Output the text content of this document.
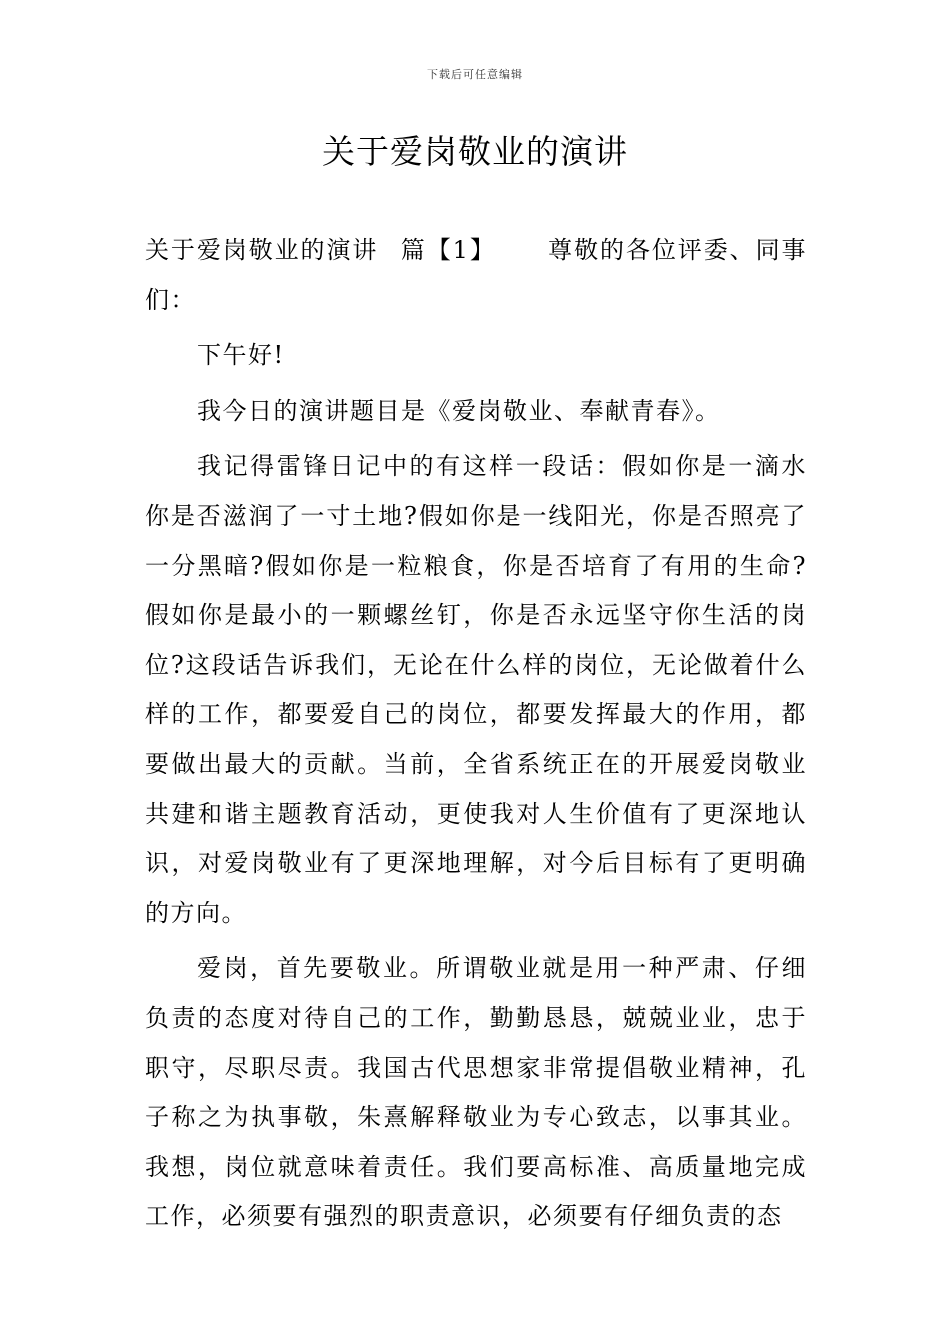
下载后可任意编辑
关于爱岗敬业的演讲

关于爱岗敬业的演讲 篇【1】 尊敬的各位评委、同事们：

下午好!

我今日的演讲题目是《爱岗敬业、奉献青春》。

我记得雷锋日记中的有这样一段话：假如你是一滴水你是否滋润了一寸土地?假如你是一线阳光，你是否照亮了一分黑暗?假如你是一粒粮食，你是否培育了有用的生命?假如你是最小的一颗螺丝钉，你是否永远坚守你生活的岗位?这段话告诉我们，无论在什么样的岗位，无论做着什么样的工作，都要爱自己的岗位，都要发挥最大的作用，都要做出最大的贡献。当前，全省系统正在的开展爱岗敬业共建和谐主题教育活动，更使我对人生价值有了更深地认识，对爱岗敬业有了更深地理解，对今后目标有了更明确的方向。

爱岗，首先要敬业。所谓敬业就是用一种严肃、仔细负责的态度对待自己的工作，勤勤恳恳，兢兢业业，忠于职守，尽职尽责。我国古代思想家非常提倡敬业精神，孔子称之为执事敬，朱熹解释敬业为专心致志，以事其业。我想，岗位就意味着责任。我们要高标准、高质量地完成工作，必须要有强烈的职责意识，必须要有仔细负责的态
